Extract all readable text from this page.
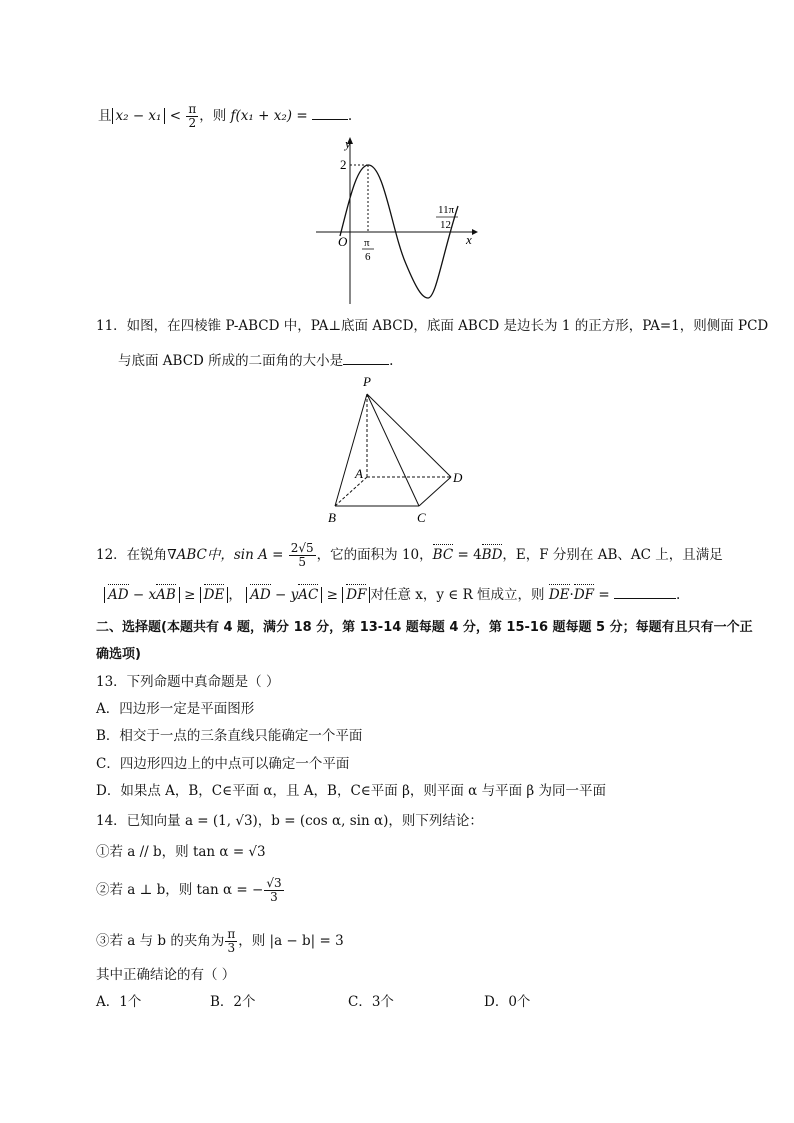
且 $x_2 - x_1 < \frac{\pi}{2}$ ，则 f(x₁ + x₂) =	.
y
x
O
2
π
6
11π
12
11．如图，在四棱锥 P-ABCD 中，PA⊥底面 ABCD，底面 ABCD 是边长为 1 的正方形，PA=1，则侧面 PCD
与底面 ABCD 所成的二面角的大小是	.
P
A
B	C
D
12．在锐角∇ABC中，$\sin A = \frac{2√5}{5}$ ，它的面积为 10，BC = 4BD，E，F 分别在 AB、AC 上，且满足
AD − xAB ≥ DE ， AD − yAC ≥ DF 对任意 x，y ∈ R 恒成立，则 DE·DF =	.
二、选择题(本题共有 4 题，满分 18 分，第 13-14 题每题 4 分，第 15-16 题每题 5 分；每题有且只有一个正
确选项)
13．下列命题中真命题是（ ）
A．四边形一定是平面图形
B．相交于一点的三条直线只能确定一个平面
C．四边形四边上的中点可以确定一个平面
D．如果点 A，B，C∈平面 α，且 A，B，C∈平面 β，则平面 α 与平面 β 为同一平面
14．已知向量 a = (1, √3)，b = (cos α, sin α)，则下列结论：
①若 a // b，则 tan α = √3
②若 a ⊥ b，则 tan α = − $\frac{√3}{3}$
③若 a 与 b 的夹角为 $\frac{\pi}{3}$ ，则 |a − b| = 3
其中正确结论的有（ ）
A．1个	B．2个	C．3个	D．0个
